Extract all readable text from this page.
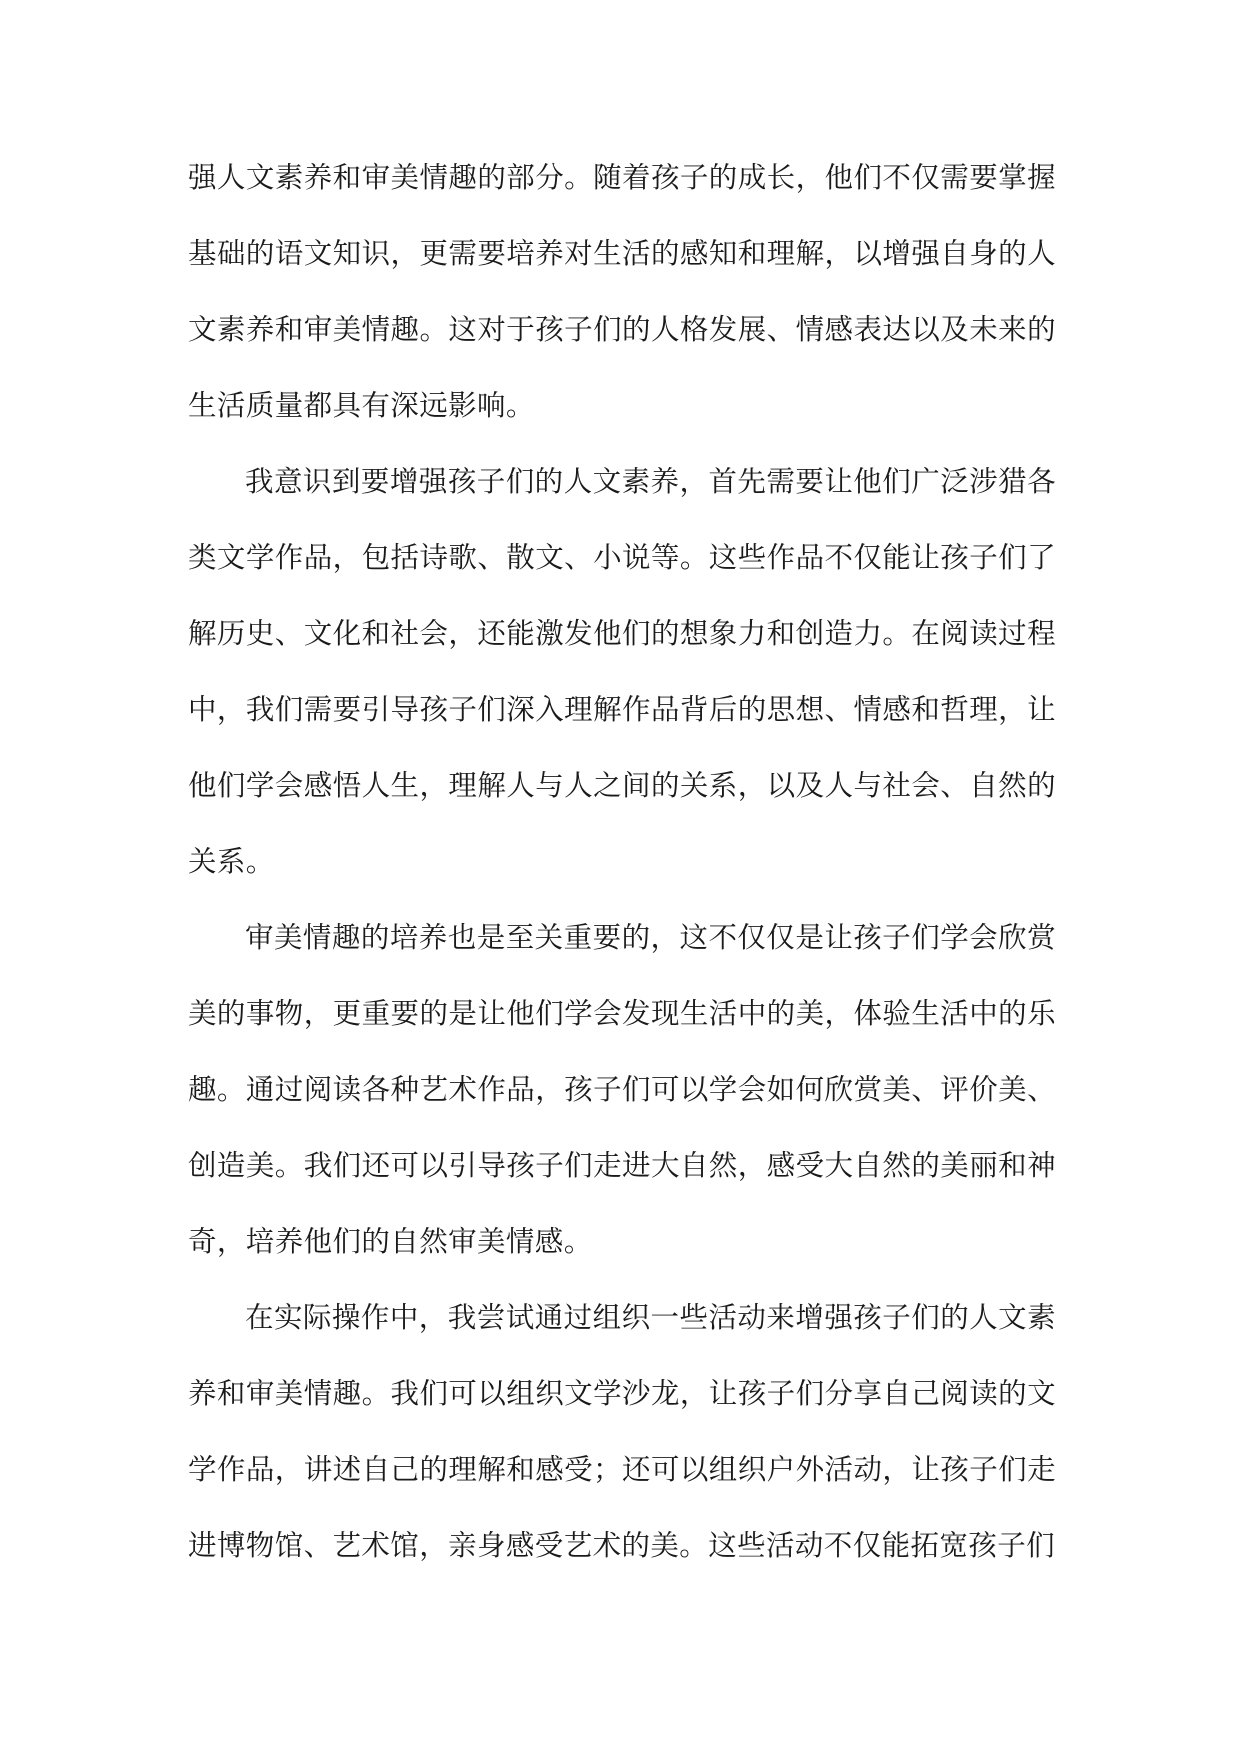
强人文素养和审美情趣的部分。随着孩子的成长，他们不仅需要掌握基础的语文知识，更需要培养对生活的感知和理解，以增强自身的人文素养和审美情趣。这对于孩子们的人格发展、情感表达以及未来的生活质量都具有深远影响。

我意识到要增强孩子们的人文素养，首先需要让他们广泛涉猎各类文学作品，包括诗歌、散文、小说等。这些作品不仅能让孩子们了解历史、文化和社会，还能激发他们的想象力和创造力。在阅读过程中，我们需要引导孩子们深入理解作品背后的思想、情感和哲理，让他们学会感悟人生，理解人与人之间的关系，以及人与社会、自然的关系。

审美情趣的培养也是至关重要的，这不仅仅是让孩子们学会欣赏美的事物，更重要的是让他们学会发现生活中的美，体验生活中的乐趣。通过阅读各种艺术作品，孩子们可以学会如何欣赏美、评价美、创造美。我们还可以引导孩子们走进大自然，感受大自然的美丽和神奇，培养他们的自然审美情感。

在实际操作中，我尝试通过组织一些活动来增强孩子们的人文素养和审美情趣。我们可以组织文学沙龙，让孩子们分享自己阅读的文学作品，讲述自己的理解和感受；还可以组织户外活动，让孩子们走进博物馆、艺术馆，亲身感受艺术的美。这些活动不仅能拓宽孩子们
